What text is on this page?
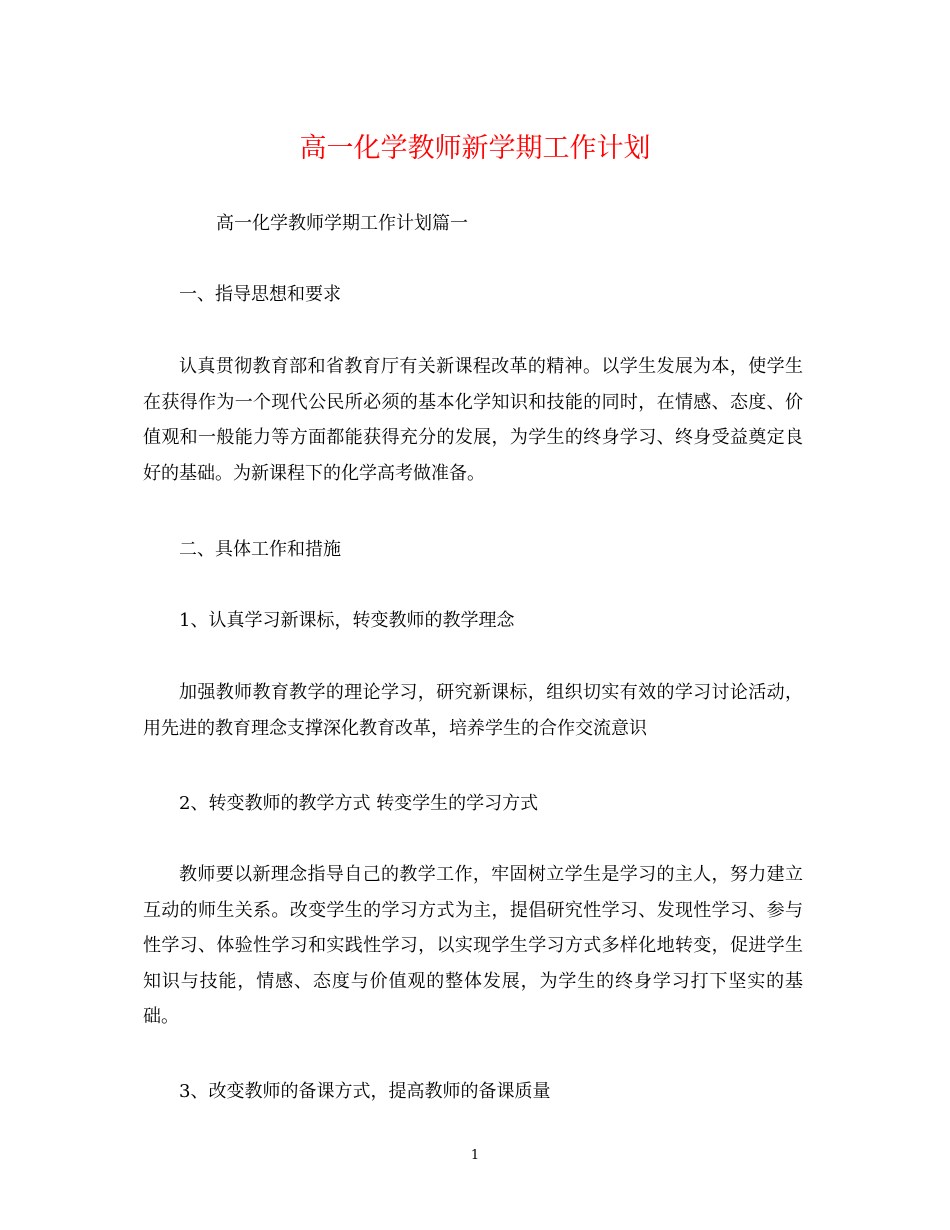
高一化学教师新学期工作计划
高一化学教师学期工作计划篇一
一、指导思想和要求
认真贯彻教育部和省教育厅有关新课程改革的精神。以学生发展为本，使学生在获得作为一个现代公民所必须的基本化学知识和技能的同时，在情感、态度、价值观和一般能力等方面都能获得充分的发展，为学生的终身学习、终身受益奠定良好的基础。为新课程下的化学高考做准备。
二、具体工作和措施
1、认真学习新课标，转变教师的教学理念
加强教师教育教学的理论学习，研究新课标，组织切实有效的学习讨论活动，用先进的教育理念支撑深化教育改革，培养学生的合作交流意识
2、转变教师的教学方式 转变学生的学习方式
教师要以新理念指导自己的教学工作，牢固树立学生是学习的主人，努力建立互动的师生关系。改变学生的学习方式为主，提倡研究性学习、发现性学习、参与性学习、体验性学习和实践性学习，以实现学生学习方式多样化地转变，促进学生知识与技能，情感、态度与价值观的整体发展，为学生的终身学习打下坚实的基础。
3、改变教师的备课方式，提高教师的备课质量
1
